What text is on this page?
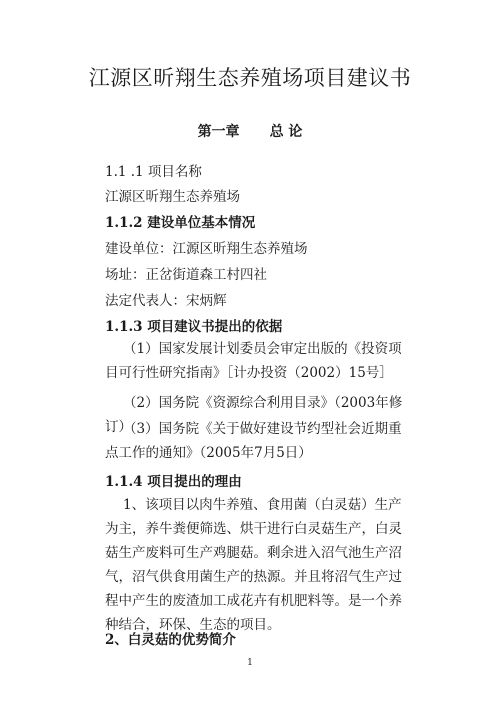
江源区昕翔生态养殖场项目建议书
第一章 总 论
1.1 .1 项目名称
江源区昕翔生态养殖场
1.1.2 建设单位基本情况
建设单位：江源区昕翔生态养殖场
场址：正岔街道森工村四社
法定代表人：宋炳辉
1.1.3 项目建议书提出的依据
（1）国家发展计划委员会审定出版的《投资项目可行性研究指南》［计办投资（2002）15号］
（2）国务院《资源综合利用目录》（2003年修订）
（3）国务院《关于做好建设节约型社会近期重点工作的通知》（2005年7月5日）
1.1.4 项目提出的理由
1、该项目以肉牛养殖、食用菌（白灵菇）生产为主，养牛粪便筛选、烘干进行白灵菇生产，白灵菇生产废料可生产鸡腿菇。剩余进入沼气池生产沼气，沼气供食用菌生产的热源。并且将沼气生产过程中产生的废渣加工成花卉有机肥料等。是一个养种结合，环保、生态的项目。
2、白灵菇的优势简介
1
